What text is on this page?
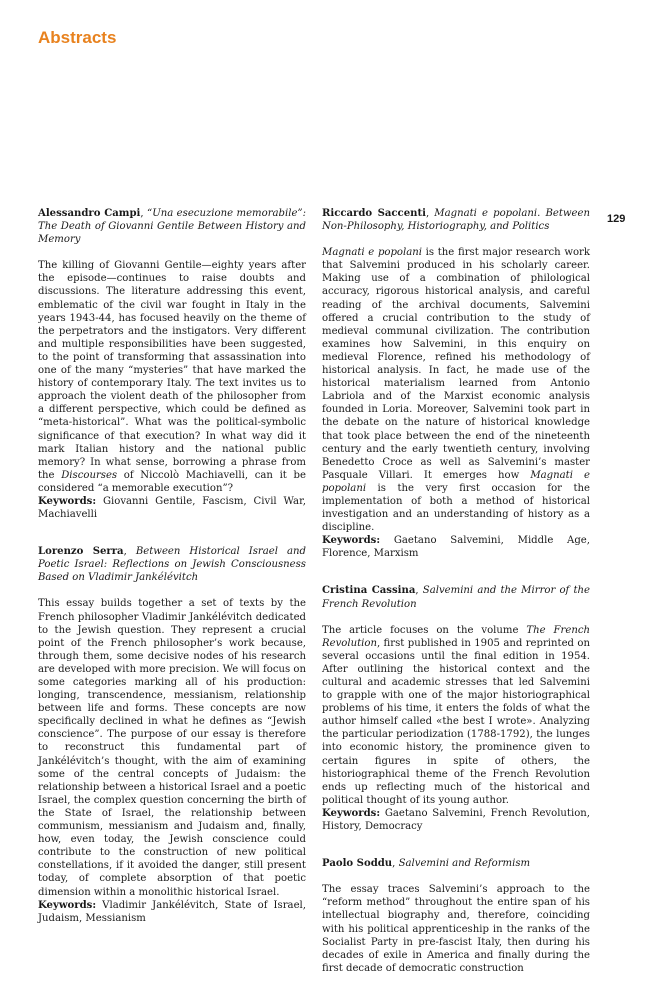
Abstracts
129

Alessandro Campi, “Una esecuzione memorabile”: The Death of Giovanni Gentile Between History and Memory

The killing of Giovanni Gentile—eighty years after the episode—continues to raise doubts and discussions. The literature addressing this event, emblematic of the civil war fought in Italy in the years 1943-44, has focused heavily on the theme of the perpetrators and the instigators. Very different and multiple responsibilities have been suggested, to the point of transforming that assassination into one of the many “mysteries” that have marked the history of contemporary Italy. The text invites us to approach the violent death of the philosopher from a different perspective, which could be defined as “meta-historical”. What was the political-symbolic significance of that execution? In what way did it mark Italian history and the national public memory? In what sense, borrowing a phrase from the Discourses of Niccolò Machiavelli, can it be considered “a memorable execution”?

Keywords: Giovanni Gentile, Fascism, Civil War, Machiavelli

Lorenzo Serra, Between Historical Israel and Poetic Israel: Reflections on Jewish Consciousness Based on Vladimir Jankélévitch

This essay builds together a set of texts by the French philosopher Vladimir Jankélévitch dedicated to the Jewish question. They represent a crucial point of the French philosopher’s work because, through them, some decisive nodes of his research are developed with more precision. We will focus on some categories marking all of his production: longing, transcendence, messianism, relationship between life and forms. These concepts are now specifically declined in what he defines as “Jewish conscience”. The purpose of our essay is therefore to reconstruct this fundamental part of Jankélévitch’s thought, with the aim of examining some of the central concepts of Judaism: the relationship between a historical Israel and a poetic Israel, the complex question concerning the birth of the State of Israel, the relationship between communism, messianism and Judaism and, finally, how, even today, the Jewish conscience could contribute to the construction of new political constellations, if it avoided the danger, still present today, of complete absorption of that poetic dimension within a monolithic historical Israel.

Keywords: Vladimir Jankélévitch, State of Israel, Judaism, Messianism

Riccardo Saccenti, Magnati e popolani. Between Non-Philosophy, Historiography, and Politics

Magnati e popolani is the first major research work that Salvemini produced in his scholarly career. Making use of a combination of philological accuracy, rigorous historical analysis, and careful reading of the archival documents, Salvemini offered a crucial contribution to the study of medieval communal civilization. The contribution examines how Salvemini, in this enquiry on medieval Florence, refined his methodology of historical analysis. In fact, he made use of the historical materialism learned from Antonio Labriola and of the Marxist economic analysis founded in Loria. Moreover, Salvemini took part in the debate on the nature of historical knowledge that took place between the end of the nineteenth century and the early twentieth century, involving Benedetto Croce as well as Salvemini’s master Pasquale Villari. It emerges how Magnati e popolani is the very first occasion for the implementation of both a method of historical investigation and an understanding of history as a discipline.

Keywords: Gaetano Salvemini, Middle Age, Florence, Marxism

Cristina Cassina, Salvemini and the Mirror of the French Revolution

The article focuses on the volume The French Revolution, first published in 1905 and reprinted on several occasions until the final edition in 1954. After outlining the historical context and the cultural and academic stresses that led Salvemini to grapple with one of the major historiographical problems of his time, it enters the folds of what the author himself called «the best I wrote». Analyzing the particular periodization (1788-1792), the lunges into economic history, the prominence given to certain figures in spite of others, the historiographical theme of the French Revolution ends up reflecting much of the historical and political thought of its young author.

Keywords: Gaetano Salvemini, French Revolution, History, Democracy

Paolo Soddu, Salvemini and Reformism

The essay traces Salvemini’s approach to the “reform method” throughout the entire span of his intellectual biography and, therefore, coinciding with his political apprenticeship in the ranks of the Socialist Party in pre-fascist Italy, then during his decades of exile in America and finally during the first decade of democratic construction
